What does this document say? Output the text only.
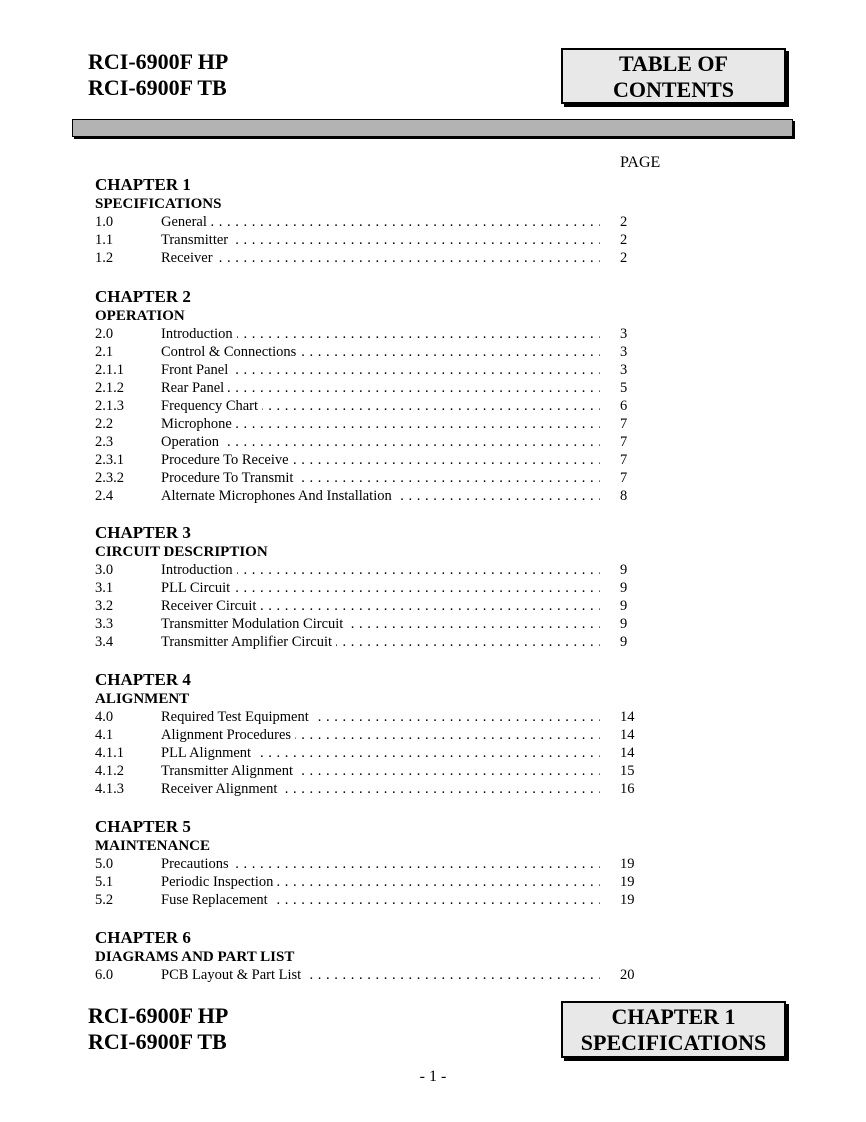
RCI-6900F HP
RCI-6900F TB
TABLE OF
CONTENTS
PAGE
CHAPTER 1
SPECIFICATIONS
1.0	General . . .	2
1.1	Transmitter . . .	2
1.2	Receiver . . .	2
CHAPTER 2
OPERATION
2.0	Introduction . . .	3
2.1	Control & Connections . . .	3
2.1.1	Front Panel . . .	3
2.1.2	Rear Panel . . .	5
2.1.3	Frequency Chart . . .	6
2.2	Microphone . . .	7
2.3	Operation . . .	7
2.3.1	Procedure To Receive . . .	7
2.3.2	Procedure To Transmit . . .	7
2.4	Alternate Microphones And Installation . . .	8
CHAPTER 3
CIRCUIT DESCRIPTION
3.0	Introduction . . .	9
3.1	PLL Circuit . . .	9
3.2	Receiver Circuit . . .	9
3.3	Transmitter Modulation Circuit . . .	9
3.4	Transmitter Amplifier Circuit . . .	9
CHAPTER 4
ALIGNMENT
4.0	Required Test Equipment . . .	14
4.1	Alignment Procedures . . .	14
4.1.1	PLL Alignment . . .	14
4.1.2	Transmitter Alignment . . .	15
4.1.3	Receiver Alignment . . .	16
CHAPTER 5
MAINTENANCE
5.0	Precautions . . .	19
5.1	Periodic Inspection . . .	19
5.2	Fuse Replacement . . .	19
CHAPTER 6
DIAGRAMS AND PART LIST
6.0	PCB Layout & Part List . . .	20
RCI-6900F HP
RCI-6900F TB
CHAPTER 1
SPECIFICATIONS
- 1 -
